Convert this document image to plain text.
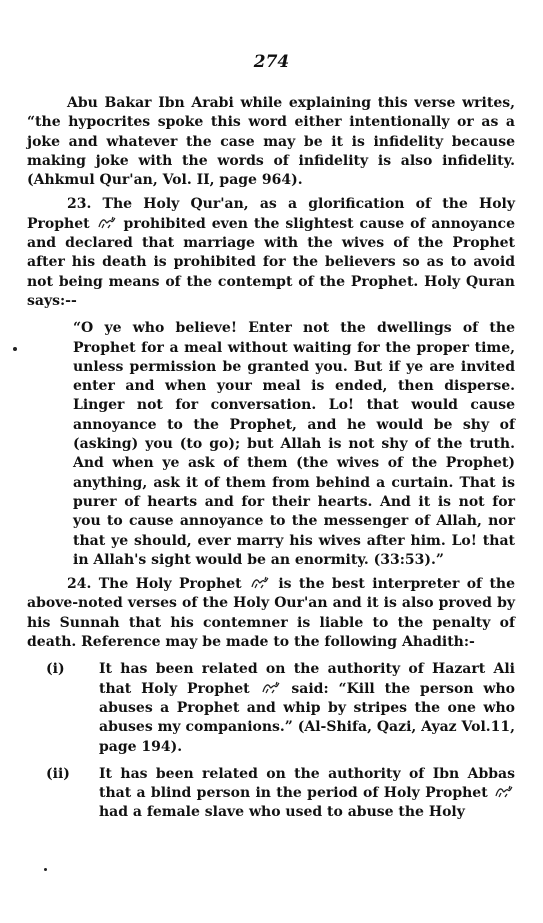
274

Abu Bakar Ibn Arabi while explaining this verse writes, “the hypocrites spoke this word either intentionally or as a joke and whatever the case may be it is infidelity because making joke with the words of infidelity is also infidelity. (Ahkmul Qur'an, Vol. II, page 964).

23. The Holy Qur'an, as a glorification of the Holy Prophet prohibited even the slightest cause of annoyance and declared that marriage with the wives of the Prophet after his death is prohibited for the believers so as to avoid not being means of the contempt of the Prophet. Holy Quran says:--

“O ye who believe! Enter not the dwellings of the Prophet for a meal without waiting for the proper time, unless permission be granted you. But if ye are invited enter and when your meal is ended, then disperse. Linger not for conversation. Lo! that would cause annoyance to the Prophet, and he would be shy of (asking) you (to go); but Allah is not shy of the truth. And when ye ask of them (the wives of the Prophet) anything, ask it of them from behind a curtain. That is purer of hearts and for their hearts. And it is not for you to cause annoyance to the messenger of Allah, nor that ye should, ever marry his wives after him. Lo! that in Allah's sight would be an enormity. (33:53).”

24. The Holy Prophet	is the best interpreter of the above-noted verses of the Holy Our'an and it is also proved by his Sunnah that his contemner is liable to the penalty of death. Reference may be made to the following Ahadith:-

(i) It has been related on the authority of Hazart Ali that Holy Prophet	said: “Kill the person who abuses a Prophet and whip by stripes the one who abuses my companions.” (Al-Shifa, Qazi, Ayaz Vol.11, page 194).
(ii) It has been related on the authority of Ibn Abbas that a blind person in the period of Holy Prophet
had a female slave who used to abuse the Holy
